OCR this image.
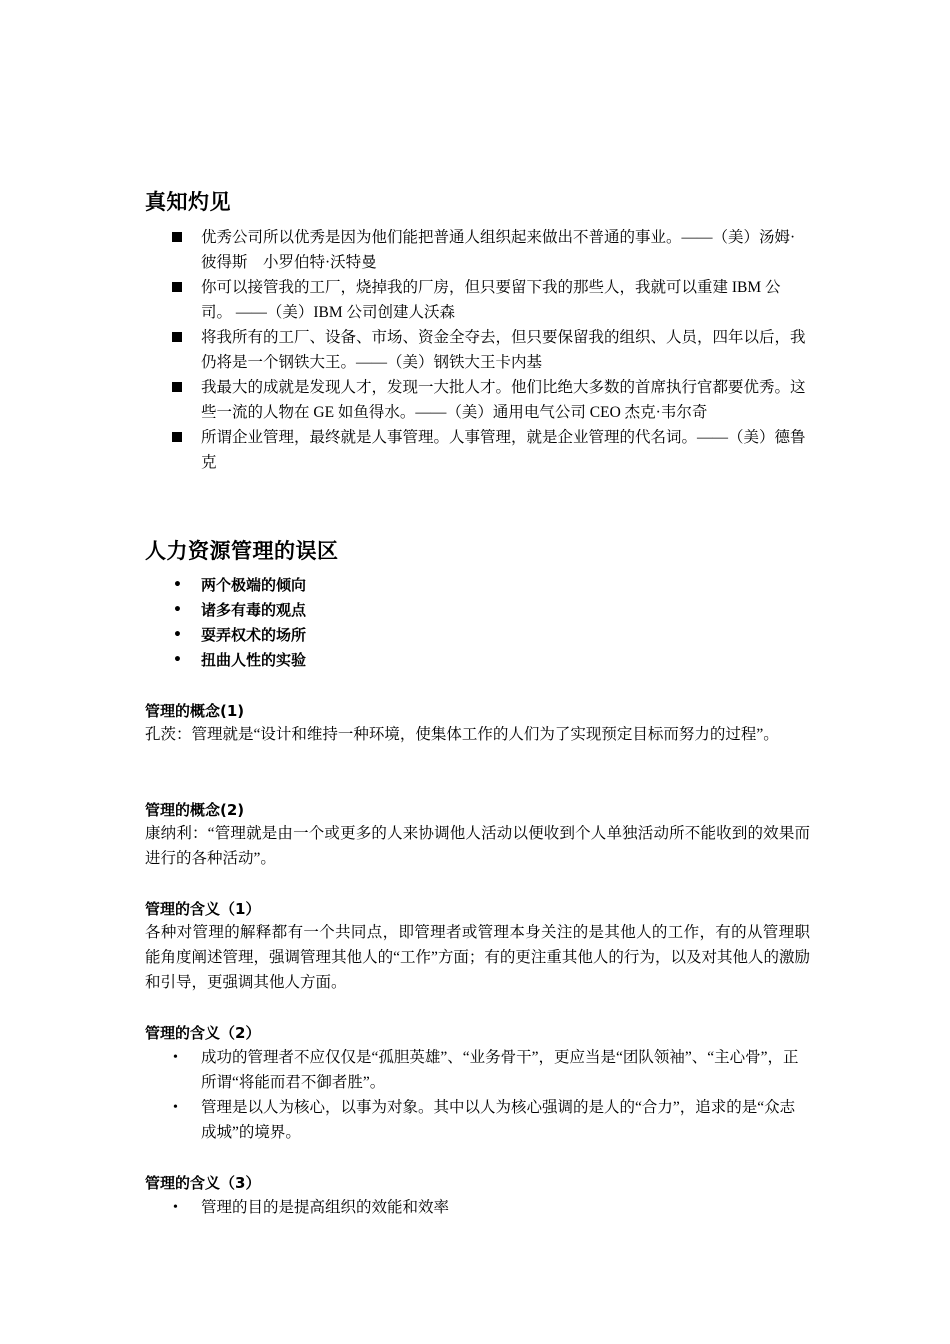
真知灼见
优秀公司所以优秀是因为他们能把普通人组织起来做出不普通的事业。——（美）汤姆·彼得斯　小罗伯特·沃特曼
你可以接管我的工厂，烧掉我的厂房，但只要留下我的那些人，我就可以重建 IBM 公司。 ——（美）IBM 公司创建人沃森
将我所有的工厂、设备、市场、资金全夺去，但只要保留我的组织、人员，四年以后，我仍将是一个钢铁大王。——（美）钢铁大王卡内基
我最大的成就是发现人才，发现一大批人才。他们比绝大多数的首席执行官都要优秀。这些一流的人物在 GE 如鱼得水。——（美）通用电气公司 CEO 杰克·韦尔奇
所谓企业管理，最终就是人事管理。人事管理，就是企业管理的代名词。——（美）德鲁克
人力资源管理的误区
• 两个极端的倾向
• 诸多有毒的观点
• 耍弄权术的场所
• 扭曲人性的实验
管理的概念(1)

孔茨：管理就是“设计和维持一种环境，使集体工作的人们为了实现预定目标而努力的过程”。

管理的概念(2)

康纳利：“管理就是由一个或更多的人来协调他人活动以便收到个人单独活动所不能收到的效果而进行的各种活动”。

管理的含义（1）

各种对管理的解释都有一个共同点，即管理者或管理本身关注的是其他人的工作，有的从管理职能角度阐述管理，强调管理其他人的“工作”方面；有的更注重其他人的行为，以及对其他人的激励和引导，更强调其他人方面。

管理的含义（2）
• 成功的管理者不应仅仅是“孤胆英雄”、“业务骨干”，更应当是“团队领袖”、“主心骨”，正所谓“将能而君不御者胜”。
• 管理是以人为核心，以事为对象。其中以人为核心强调的是人的“合力”，追求的是“众志成城”的境界。
管理的含义（3）
• 管理的目的是提高组织的效能和效率
